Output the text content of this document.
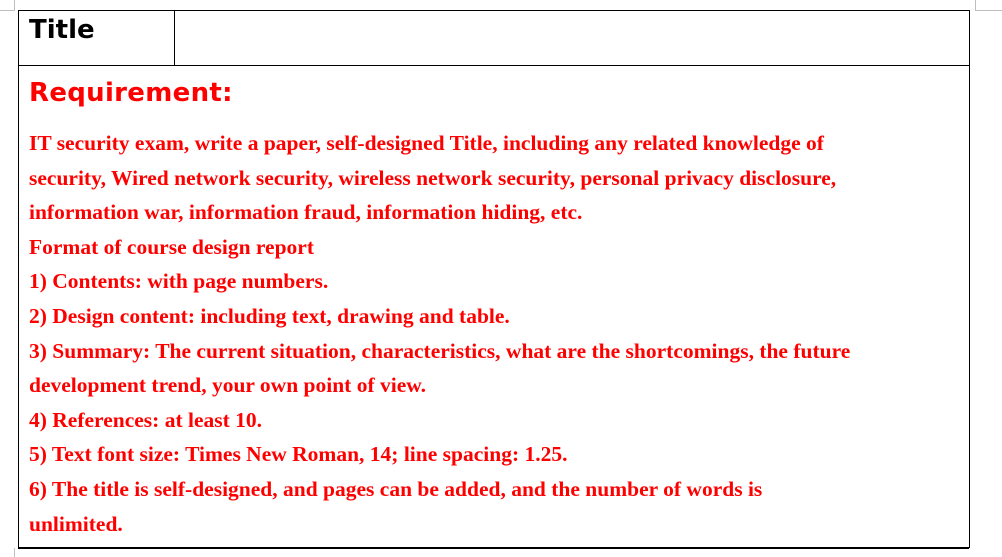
Title

Requirement:
IT security exam, write a paper, self-designed Title, including any related knowledge of
security, Wired network security, wireless network security, personal privacy disclosure,
information war, information fraud, information hiding, etc.
Format of course design report
1) Contents: with page numbers.
2) Design content: including text, drawing and table.
3) Summary: The current situation, characteristics, what are the shortcomings, the future
development trend, your own point of view.
4) References: at least 10.
5) Text font size: Times New Roman, 14; line spacing: 1.25.
6) The title is self-designed, and pages can be added, and the number of words is
unlimited.
